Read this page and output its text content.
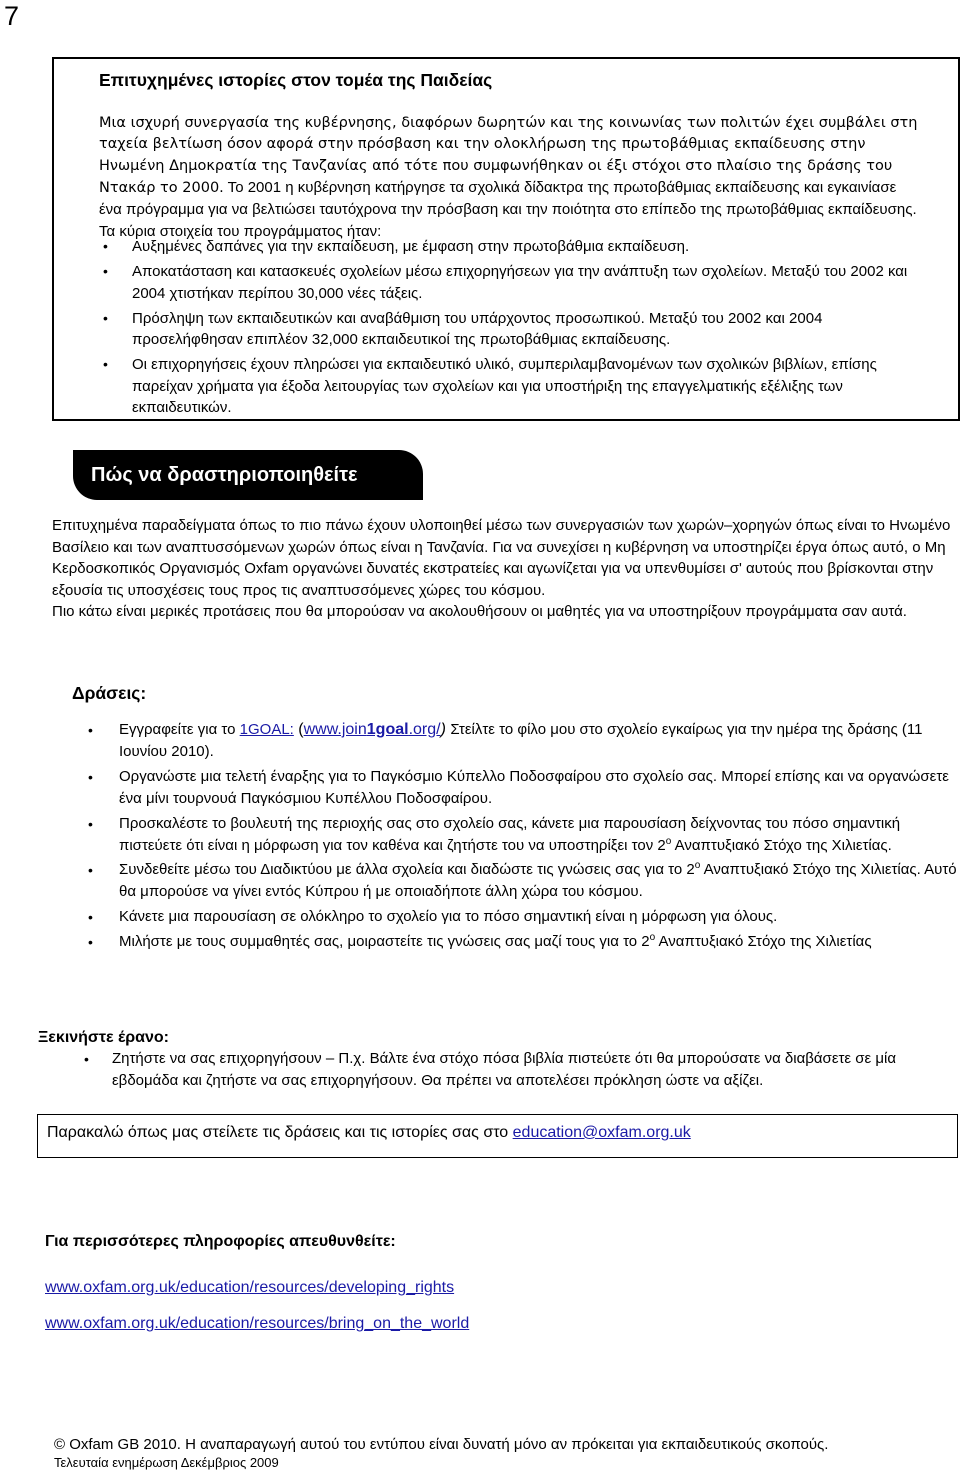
7
Επιτυχημένες ιστορίες στον τομέα της Παιδείας
Μια ισχυρή συνεργασία της κυβέρνησης, διαφόρων δωρητών και της κοινωνίας των πολιτών έχει συμβάλει στη ταχεία βελτίωση όσον αφορά στην πρόσβαση και την ολοκλήρωση της πρωτοβάθμιας εκπαίδευσης στην Ηνωμένη Δημοκρατία της Τανζανίας από τότε που συμφωνήθηκαν οι έξι στόχοι στο πλαίσιο της δράσης του Ντακάρ το 2000. Το 2001 η κυβέρνηση κατήργησε τα σχολικά δίδακτρα της πρωτοβάθμιας εκπαίδευσης και εγκαινίασε ένα πρόγραμμα για να βελτιώσει ταυτόχρονα την πρόσβαση και την ποιότητα στο επίπεδο της πρωτοβάθμιας εκπαίδευσης. Τα κύρια στοιχεία του προγράμματος ήταν:
• Αυξημένες δαπάνες για την εκπαίδευση, με έμφαση στην πρωτοβάθμια εκπαίδευση.
• Αποκατάσταση και κατασκευές σχολείων μέσω επιχορηγήσεων για την ανάπτυξη των σχολείων. Μεταξύ του 2002 και 2004 χτιστήκαν περίπου 30,000 νέες τάξεις.
• Πρόσληψη των εκπαιδευτικών και αναβάθμιση του υπάρχοντος προσωπικού. Μεταξύ του 2002 και 2004 προσελήφθησαν επιπλέον 32,000 εκπαιδευτικοί της πρωτοβάθμιας εκπαίδευσης.
• Οι επιχορηγήσεις έχουν πληρώσει για εκπαιδευτικό υλικό, συμπεριλαμβανομένων των σχολικών βιβλίων, επίσης παρείχαν χρήματα για έξοδα λειτουργίας των σχολείων και για υποστήριξη της επαγγελματικής εξέλιξης των εκπαιδευτικών.
Πώς να δραστηριοποιηθείτε

Επιτυχημένα παραδείγματα όπως το πιο πάνω έχουν υλοποιηθεί μέσω των συνεργασιών των χωρών–χορηγών όπως είναι το Ηνωμένο Βασίλειο και των αναπτυσσόμενων χωρών όπως είναι η Τανζανία. Για να συνεχίσει η κυβέρνηση να υποστηρίζει έργα όπως αυτό, ο Μη Κερδοσκοπικός Οργανισμός Oxfam οργανώνει δυνατές εκστρατείες και αγωνίζεται για να υπενθυμίσει σ' αυτούς που βρίσκονται στην εξουσία τις υποσχέσεις τους προς τις αναπτυσσόμενες χώρες του κόσμου.

Πιο κάτω είναι μερικές προτάσεις που θα μπορούσαν να ακολουθήσουν οι μαθητές για να υποστηρίξουν προγράμματα σαν αυτά.

Δράσεις:
• Εγγραφείτε για το 1GOAL: (www.join1goal.org/) Στείλτε το φίλο μου στο σχολείο εγκαίρως για την ημέρα της δράσης (11 Ιουνίου 2010).
• Οργανώστε μια τελετή έναρξης για το Παγκόσμιο Κύπελλο Ποδοσφαίρου στο σχολείο σας. Μπορεί επίσης και να οργανώσετε ένα μίνι τουρνουά Παγκόσμιου Κυπέλλου Ποδοσφαίρου.
• Προσκαλέστε το βουλευτή της περιοχής σας στο σχολείο σας, κάνετε μια παρουσίαση δείχνοντας του πόσο σημαντική πιστεύετε ότι είναι η μόρφωση για τον καθένα και ζητήστε του να υποστηρίξει τον $2^o$ Αναπτυξιακό Στόχο της Χιλιετίας.
• Συνδεθείτε μέσω του Διαδικτύου με άλλα σχολεία και διαδώστε τις γνώσεις σας για το $2^o$ Αναπτυξιακό Στόχο της Χιλιετίας. Αυτό θα μπορούσε να γίνει εντός Κύπρου ή με οποιαδήποτε άλλη χώρα του κόσμου.
• Κάνετε μια παρουσίαση σε ολόκληρο το σχολείο για το πόσο σημαντική είναι η μόρφωση για όλους.
• Μιλήστε με τους συμμαθητές σας, μοιραστείτε τις γνώσεις σας μαζί τους για το $2^o$ Αναπτυξιακό Στόχο της Χιλιετίας
Ξεκινήστε έρανο:
• Ζητήστε να σας επιχορηγήσουν – Π.χ. Βάλτε ένα στόχο πόσα βιβλία πιστεύετε ότι θα μπορούσατε να διαβάσετε σε μία εβδομάδα και ζητήστε να σας επιχορηγήσουν. Θα πρέπει να αποτελέσει πρόκληση ώστε να αξίζει.
Παρακαλώ όπως μας στείλετε τις δράσεις και τις ιστορίες σας στο education@oxfam.org.uk
Για περισσότερες πληροφορίες απευθυνθείτε:
www.oxfam.org.uk/education/resources/developing_rights
www.oxfam.org.uk/education/resources/bring_on_the_world
© Oxfam GB 2010. Η αναπαραγωγή αυτού του εντύπου είναι δυνατή μόνο αν πρόκειται για εκπαιδευτικούς σκοπούς.
Τελευταία ενημέρωση Δεκέμβριος 2009
